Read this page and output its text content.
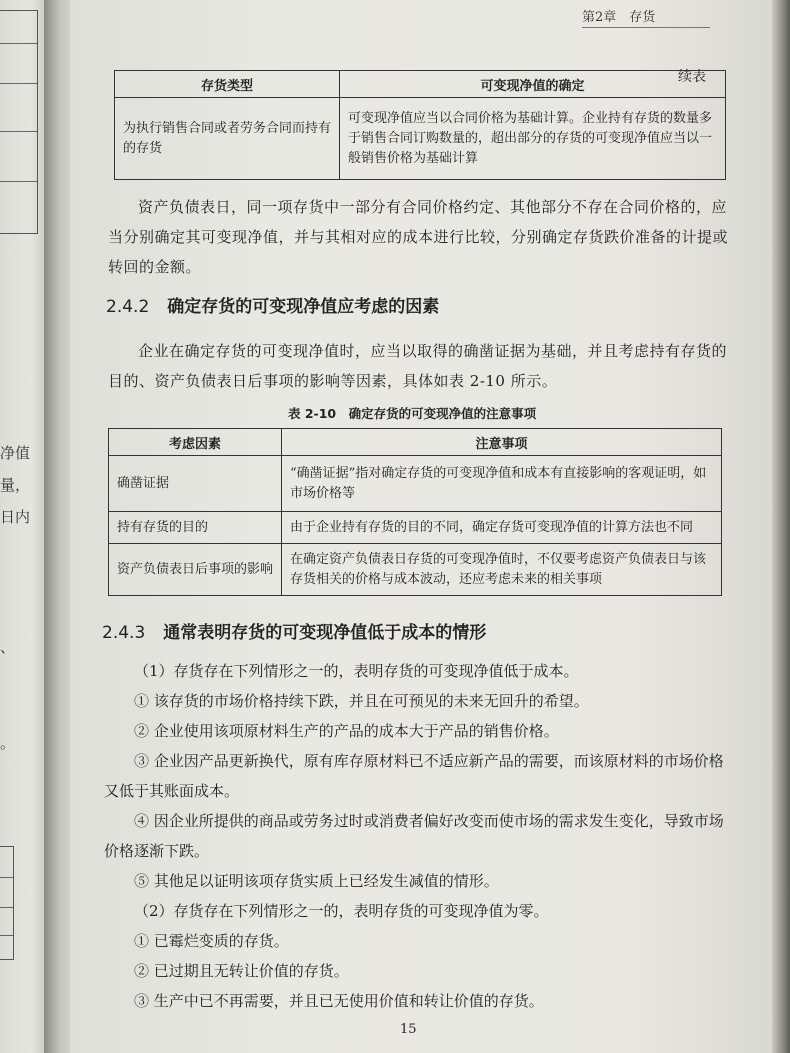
净值
量，
日内
、
。
第2章　存货
续表
存货类型	可变现净值的确定
为执行销售合同或者劳务合同而持有的存货	可变现净值应当以合同价格为基础计算。企业持有存货的数量多于销售合同订购数量的，超出部分的存货的可变现净值应当以一般销售价格为基础计算
资产负债表日，同一项存货中一部分有合同价格约定、其他部分不存在合同价格的，应当分别确定其可变现净值，并与其相对应的成本进行比较，分别确定存货跌价准备的计提或转回的金额。
2.4.2 确定存货的可变现净值应考虑的因素
企业在确定存货的可变现净值时，应当以取得的确凿证据为基础，并且考虑持有存货的目的、资产负债表日后事项的影响等因素，具体如表 2-10 所示。
表 2-10　确定存货的可变现净值的注意事项
考虑因素	注意事项
确凿证据	“确凿证据”指对确定存货的可变现净值和成本有直接影响的客观证明，如市场价格等
持有存货的目的	由于企业持有存货的目的不同，确定存货可变现净值的计算方法也不同
资产负债表日后事项的影响	在确定资产负债表日存货的可变现净值时，不仅要考虑资产负债表日与该存货相关的价格与成本波动，还应考虑未来的相关事项
2.4.3 通常表明存货的可变现净值低于成本的情形

（1）存货存在下列情形之一的，表明存货的可变现净值低于成本。

① 该存货的市场价格持续下跌，并且在可预见的未来无回升的希望。

② 企业使用该项原材料生产的产品的成本大于产品的销售价格。

③ 企业因产品更新换代，原有库存原材料已不适应新产品的需要，而该原材料的市场价格又低于其账面成本。

④ 因企业所提供的商品或劳务过时或消费者偏好改变而使市场的需求发生变化，导致市场价格逐渐下跌。

⑤ 其他足以证明该项存货实质上已经发生减值的情形。

（2）存货存在下列情形之一的，表明存货的可变现净值为零。

① 已霉烂变质的存货。

② 已过期且无转让价值的存货。

③ 生产中已不再需要，并且已无使用价值和转让价值的存货。

15
